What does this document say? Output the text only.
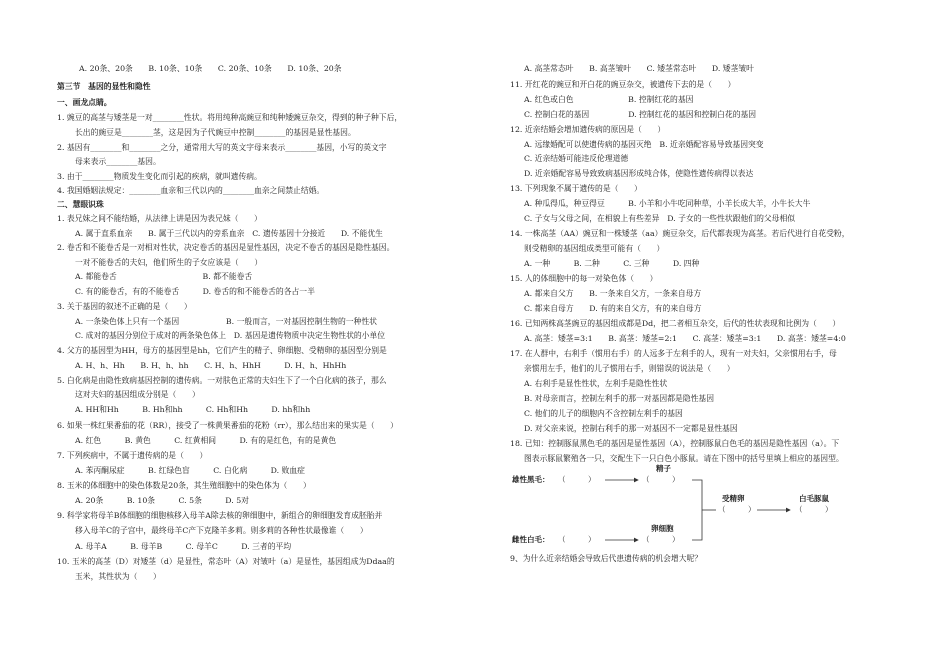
A. 20条、20条　　B. 10条、10条　　C. 20条、10条　　D. 10条、20条
第三节　基因的显性和隐性
一、画龙点睛。
1. 豌豆的高茎与矮茎是一对________性状。将用纯种高豌豆和纯种矮豌豆杂交，得到的种子种下后，
长出的豌豆是________茎，这是因为子代豌豆中控制________的基因是显性基因。
2. 基因有________和________之分，通常用大写的英文字母来表示________基因，小写的英文字
母来表示________基因。
3. 由于________物质发生变化而引起的疾病，就叫遗传病。
4. 我国婚姻法规定：________血亲和三代以内的________血亲之间禁止结婚。
二、慧眼识珠
1. 表兄妹之间不能结婚，从法律上讲是因为表兄妹（　　）
A. 属于直系血亲　　B. 属于三代以内的旁系血亲　C. 遗传基因十分接近　　D. 不能优生
2. 卷舌和不能卷舌是一对相对性状，决定卷舌的基因是显性基因，决定不卷舌的基因是隐性基因。
一对不能卷舌的夫妇，他们所生的子女应该是（　　）
A. 都能卷舌　　　　　　　　　　　B. 都不能卷舌
C. 有的能卷舌，有的不能卷舌　　　D. 卷舌的和不能卷舌的各占一半
3. 关于基因的叙述不正确的是（　　）
A. 一条染色体上只有一个基因　　　　　　B. 一般而言，一对基因控制生物的一种性状
C. 成对的基因分别位于成对的两条染色体上　D. 基因是遗传物质中决定生物性状的小单位
4. 父方的基因型为HH，母方的基因型是hh，它们产生的精子、卵细胞、受精卵的基因型分别是
A. H、h、Hh　　B. H、h、hh　　C. H、h、HhH　　　D. H、h、HhHh
5. 白化病是由隐性致病基因控制的遗传病。一对肤色正常的夫妇生下了一个白化病的孩子，那么
这对夫妇的基因组成分别是（　　）
A. HH和Hh　　　B. Hh和hh　　　C. Hh和Hh　　　D. hh和hh
6. 如果一株红果番茄的花（RR），接受了一株黄果番茄的花粉（rr），那么结出来的果实是（　　）
A. 红色　　　B. 黄色　　　C. 红黄相间　　　D. 有的是红色，有的是黄色
7. 下列疾病中，不属于遗传病的是（　　）
A. 苯丙酮尿症　　　B. 红绿色盲　　　C. 白化病　　　D. 败血症
8. 玉米的体细胞中的染色体数是20条，其生殖细胞中的染色体为（　　）
A. 20条　　　B. 10条　　　C. 5条　　　D. 5对
9. 科学家将母羊B体细胞的细胞核移入母羊A除去核的卵细胞中，新组合的卵细胞发育成胚胎并
移入母羊C的子宫中，最终母羊C产下克隆羊多莉。则多莉的各种性状最像谁（　　）
A. 母羊A　　　B. 母羊B　　　C. 母羊C　　　D. 三者的平均
10. 玉米的高茎（D）对矮茎（d）是显性，常态叶（A）对皱叶（a）是显性，基因组成为Ddaa的
玉米，其性状为（　　）
A. 高茎常态叶　　B. 高茎皱叶　　C. 矮茎常态叶　　D. 矮茎皱叶
11. 开红花的豌豆和开白花的豌豆杂交，被遗传下去的是（　　）
A. 红色或白色　　　　　　　B. 控制红花的基因
C. 控制白花的基因　　　　　D. 控制红花的基因和控制白花的基因
12. 近亲结婚会增加遗传病的原因是（　　）
A. 远缘婚配可以使遗传病的基因灭绝　B. 近亲婚配容易导致基因突变
C. 近亲结婚可能违反伦理道德
D. 近亲婚配容易导致致病基因形成纯合体，使隐性遗传病得以表达
13. 下列现象不属于遗传的是（　　）
A. 种瓜得瓜，种豆得豆　　　B. 小羊和小牛吃同种草，小羊长成大羊，小牛长大牛
C. 子女与父母之间，在相貌上有些差异　D. 子女的一些性状跟他们的父母相似
14. 一株高茎（AA）豌豆和一株矮茎（aa）豌豆杂交，后代都表现为高茎。若后代进行自花受粉，
则受精卵的基因组成类型可能有（　　）
A. 一种　　　B. 二种　　　C. 三种　　　D. 四种
15. 人的体细胞中的每一对染色体（　　）
A. 都来自父方　　B. 一条来自父方，一条来自母方
C. 都来自母方　　D. 有的来自父方，有的来自母方
16. 已知两株高茎豌豆的基因组成都是Dd，把二者相互杂交，后代的性状表现和比例为（　　）
A. 高茎：矮茎=3:1　　B. 高茎：矮茎=2:1　　C. 高茎：矮茎=3:1　　D. 高茎：矮茎=4:0
17. 在人群中，右利手（惯用右手）的人远多于左利手的人，现有一对夫妇，父亲惯用右手，母
亲惯用左手，他们的儿子惯用右手，则错误的说法是（　　）
A. 右利手是显性性状，左利手是隐性性状
B. 对母亲而言，控制左利手的那一对基因都是隐性基因
C. 他们的儿子的细胞内不含控制左利手的基因
D. 对父亲来说，控制右利手的那一对基因不一定都是显性基因
18. 已知：控制豚鼠黑色毛的基因是显性基因（A），控制豚鼠白色毛的基因是隐性基因（a）。下
图表示豚鼠繁殖各一只，交配生下一只白色小豚鼠。请在下图中的括号里填上相应的基因型。
9、为什么近亲结婚会导致后代患遗传病的机会增大呢？
雄性黑毛： （　　　）
雌性白毛： （　　　）
精子
（　　　）
卵细胞
（　　　）
受精卵
（　　　）
白毛豚鼠
（　　　）
